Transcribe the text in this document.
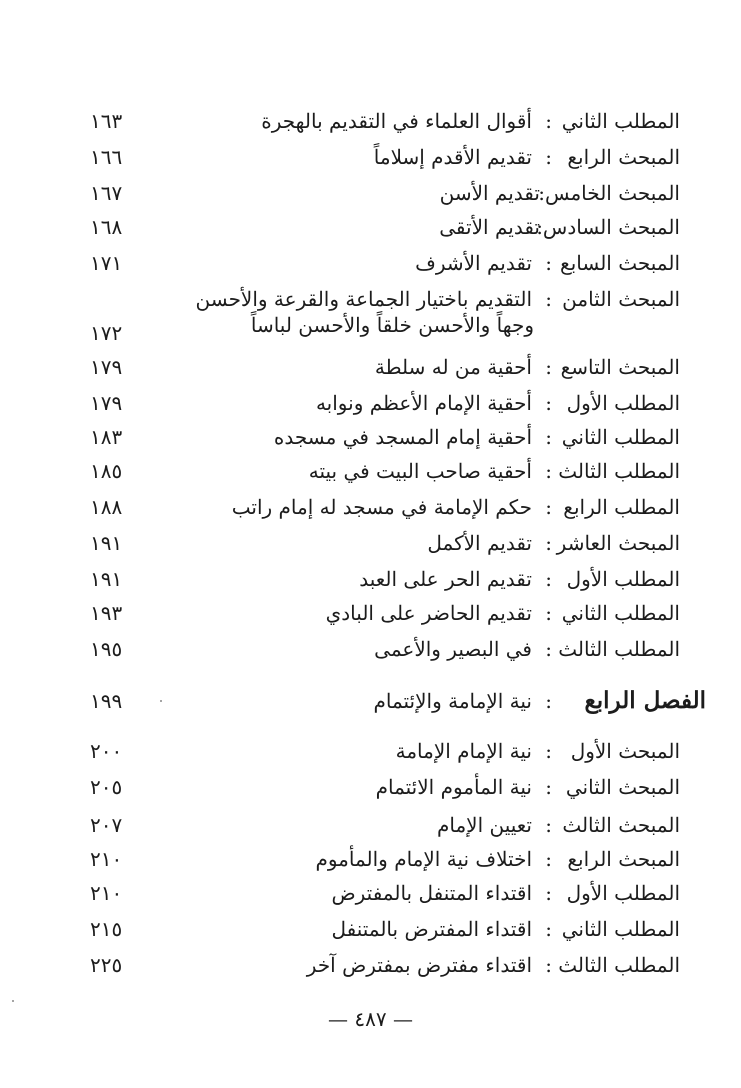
المطلب الثاني
:
أقوال العلماء في التقديم بالهجرة
١٦٣
المبحث الرابع
:
تقديم الأقدم إسلاماً
١٦٦
المبحث الخامس:
تقديم الأسن
١٦٧
المبحث السادس:
تقديم الأتقى
١٦٨
المبحث السابع
:
تقديم الأشرف
١٧١
المبحث الثامن
:
التقديم باختيار الجماعة والقرعة والأحسن
وجهاً والأحسن خلقاً والأحسن لباساً
١٧٢
المبحث التاسع
:
أحقية من له سلطة
١٧٩
المطلب الأول
:
أحقية الإمام الأعظم ونوابه
١٧٩
المطلب الثاني
:
أحقية إمام المسجد في مسجده
١٨٣
المطلب الثالث
:
أحقية صاحب البيت في بيته
١٨٥
المطلب الرابع
:
حكم الإمامة في مسجد له إمام راتب
١٨٨
المبحث العاشر
:
تقديم الأكمل
١٩١
المطلب الأول
:
تقديم الحر على العبد
١٩١
المطلب الثاني
:
تقديم الحاضر على البادي
١٩٣
المطلب الثالث
:
في البصير والأعمى
١٩٥
الفصل الرابع
:
نية الإمامة والإئتمام
١٩٩
المبحث الأول
:
نية الإمام الإمامة
٢٠٠
المبحث الثاني
:
نية المأموم الائتمام
٢٠٥
المبحث الثالث
:
تعيين الإمام
٢٠٧
المبحث الرابع
:
اختلاف نية الإمام والمأموم
٢١٠
المطلب الأول
:
اقتداء المتنفل بالمفترض
٢١٠
المطلب الثاني
:
اقتداء المفترض بالمتنفل
٢١٥
المطلب الثالث
:
اقتداء مفترض بمفترض آخر
٢٢٥
— ٤٨٧ —
